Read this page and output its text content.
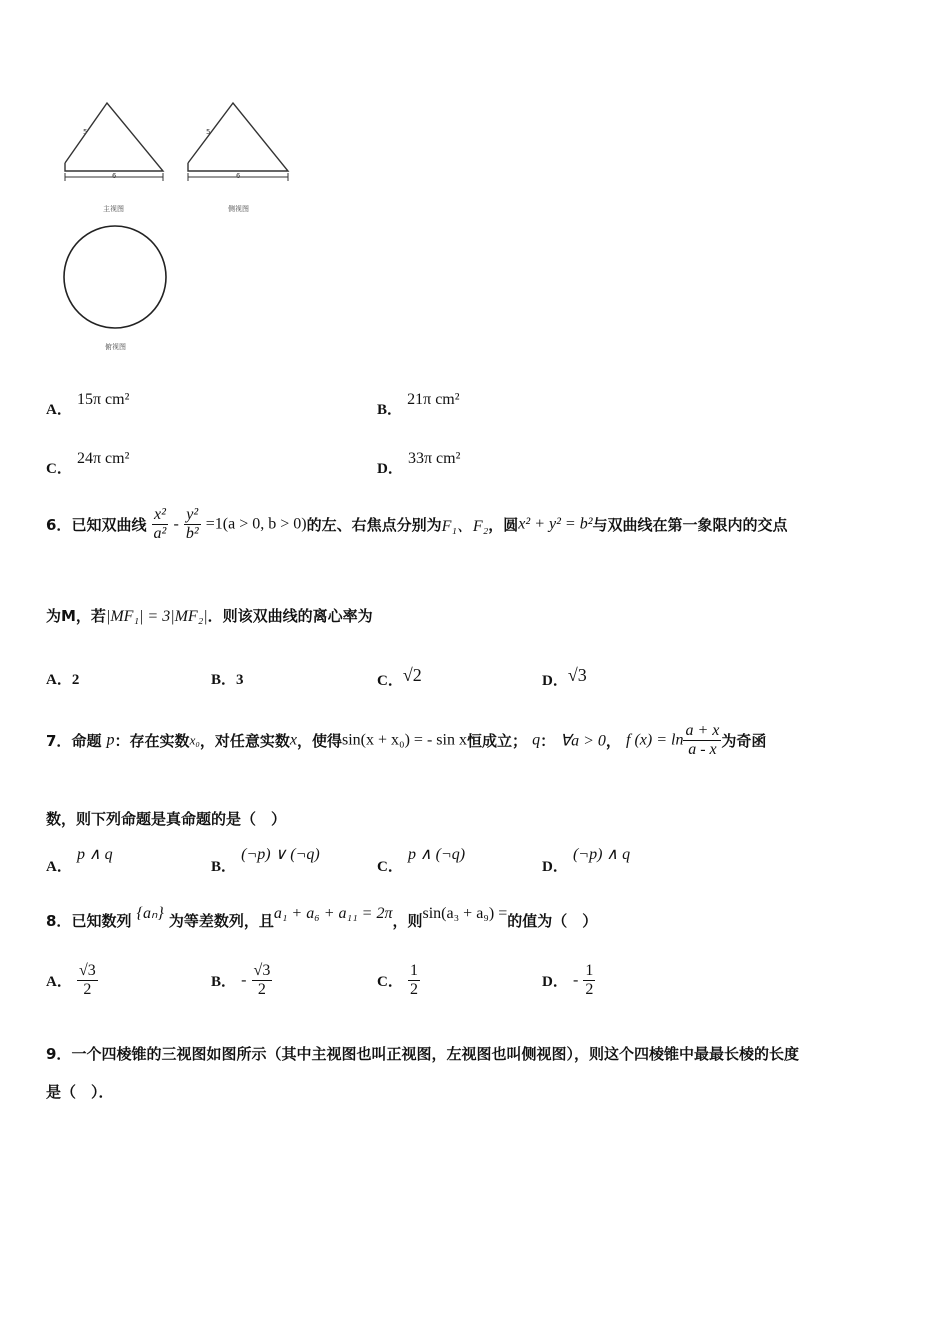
5
6
5
6
主视图	侧视图
俯视图
A． 15π cm²
B． 21π cm²
C． 24π cm²
D． 33π cm²
6．已知双曲线 $\frac{\text{x²}}{\text{a²}} - \frac{\text{y²}}{\text{b²}} =1(a > 0$, b > 0)的左、右焦点分别为F₁、F₂，圆x² + y² = b²与双曲线在第一象限内的交点
为M，若|MF₁| = 3|MF₂|．则该双曲线的离心率为
A．2	B．3	C．√2	D．√3
7．命题 p：存在实数x₀，对任意实数x，使得sin(x + x₀) = - sin x恒成立； q： ∀a > 0， f $(x) = \ln \frac{a + x}{a - x}$ 为奇函
数，则下列命题是真命题的是（　）
A． p ∧ q
B． (¬p) ∨ (¬q)
C． p ∧ (¬q)
D． (¬p) ∧ q
8．已知数列 {aₙ} 为等差数列，且a₁ + a₆ + a₁₁ = 2π，则sin(a₃ + a₉) =的值为（　）
A． $\frac{√3}{2}$	B． - $\frac{√3}{2}$	C． $\frac{1}{2}$	D． - $\frac{1}{2}$
9．一个四棱锥的三视图如图所示（其中主视图也叫正视图，左视图也叫侧视图），则这个四棱锥中最最长棱的长度
是（　）．
